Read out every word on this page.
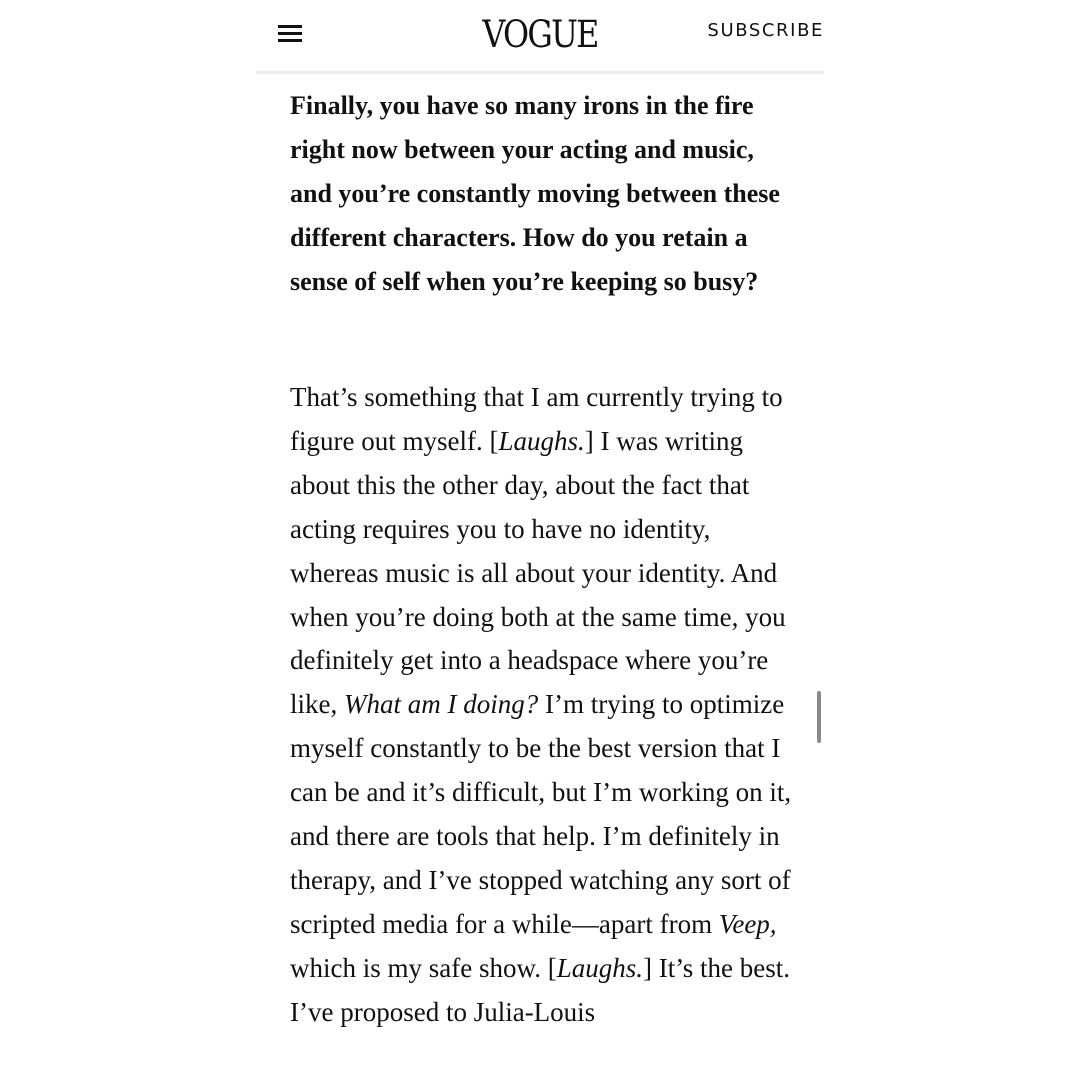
VOGUE	SUBSCRIBE

Finally, you have so many irons in the fire right now between your acting and music, and you’re constantly moving between these different characters. How do you retain a sense of self when you’re keeping so busy?

That’s something that I am currently trying to figure out myself. [Laughs.] I was writing about this the other day, about the fact that acting requires you to have no identity, whereas music is all about your identity. And when you’re doing both at the same time, you definitely get into a headspace where you’re like, What am I doing? I’m trying to optimize myself constantly to be the best version that I can be and it’s difficult, but I’m working on it, and there are tools that help. I’m definitely in therapy, and I’ve stopped watching any sort of scripted media for a while—apart from Veep, which is my safe show. [Laughs.] It’s the best. I’ve proposed to Julia-Louis
